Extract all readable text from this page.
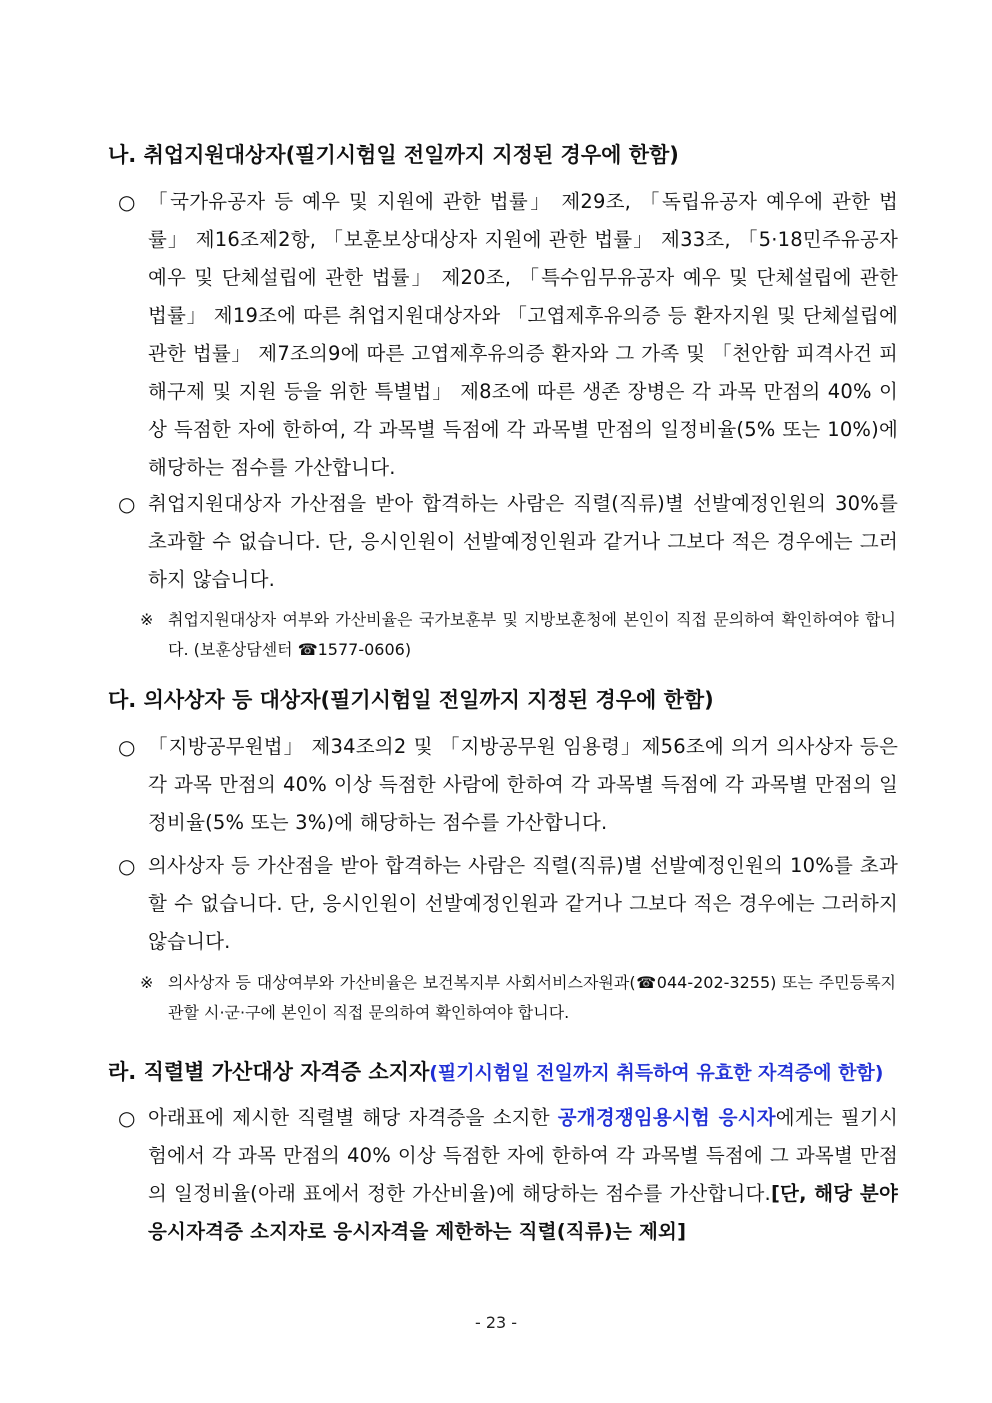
나. 취업지원대상자(필기시험일 전일까지 지정된 경우에 한함)
○ 「국가유공자 등 예우 및 지원에 관한 법률」 제29조, 「독립유공자 예우에 관한 법률」 제16조제2항, 「보훈보상대상자 지원에 관한 법률」 제33조, 「5·18민주유공자 예우 및 단체설립에 관한 법률」 제20조, 「특수임무유공자 예우 및 단체설립에 관한 법률」 제19조에 따른 취업지원대상자와 「고엽제후유의증 등 환자지원 및 단체설립에 관한 법률」 제7조의9에 따른 고엽제후유의증 환자와 그 가족 및 「천안함 피격사건 피해구제 및 지원 등을 위한 특별법」 제8조에 따른 생존 장병은 각 과목 만점의 40% 이상 득점한 자에 한하여, 각 과목별 득점에 각 과목별 만점의 일정비율(5% 또는 10%)에 해당하는 점수를 가산합니다.

○ 취업지원대상자 가산점을 받아 합격하는 사람은 직렬(직류)별 선발예정인원의 30%를 초과할 수 없습니다. 단, 응시인원이 선발예정인원과 같거나 그보다 적은 경우에는 그러하지 않습니다.

※ 취업지원대상자 여부와 가산비율은 국가보훈부 및 지방보훈청에 본인이 직접 문의하여 확인하여야 합니다. (보훈상담센터 ☎1577-0606)

다. 의사상자 등 대상자(필기시험일 전일까지 지정된 경우에 한함)
○ 「지방공무원법」 제34조의2 및 「지방공무원 임용령」제56조에 의거 의사상자 등은 각 과목 만점의 40% 이상 득점한 사람에 한하여 각 과목별 득점에 각 과목별 만점의 일정비율(5% 또는 3%)에 해당하는 점수를 가산합니다.

○ 의사상자 등 가산점을 받아 합격하는 사람은 직렬(직류)별 선발예정인원의 10%를 초과할 수 없습니다. 단, 응시인원이 선발예정인원과 같거나 그보다 적은 경우에는 그러하지 않습니다.

※ 의사상자 등 대상여부와 가산비율은 보건복지부 사회서비스자원과(☎044-202-3255) 또는 주민등록지 관할 시·군·구에 본인이 직접 문의하여 확인하여야 합니다.

라. 직렬별 가산대상 자격증 소지자(필기시험일 전일까지 취득하여 유효한 자격증에 한함)
○ 아래표에 제시한 직렬별 해당 자격증을 소지한 공개경쟁임용시험 응시자에게는 필기시험에서 각 과목 만점의 40% 이상 득점한 자에 한하여 각 과목별 득점에 그 과목별 만점의 일정비율(아래 표에서 정한 가산비율)에 해당하는 점수를 가산합니다.[단, 해당 분야 응시자격증 소지자로 응시자격을 제한하는 직렬(직류)는 제외]

- 23 -
